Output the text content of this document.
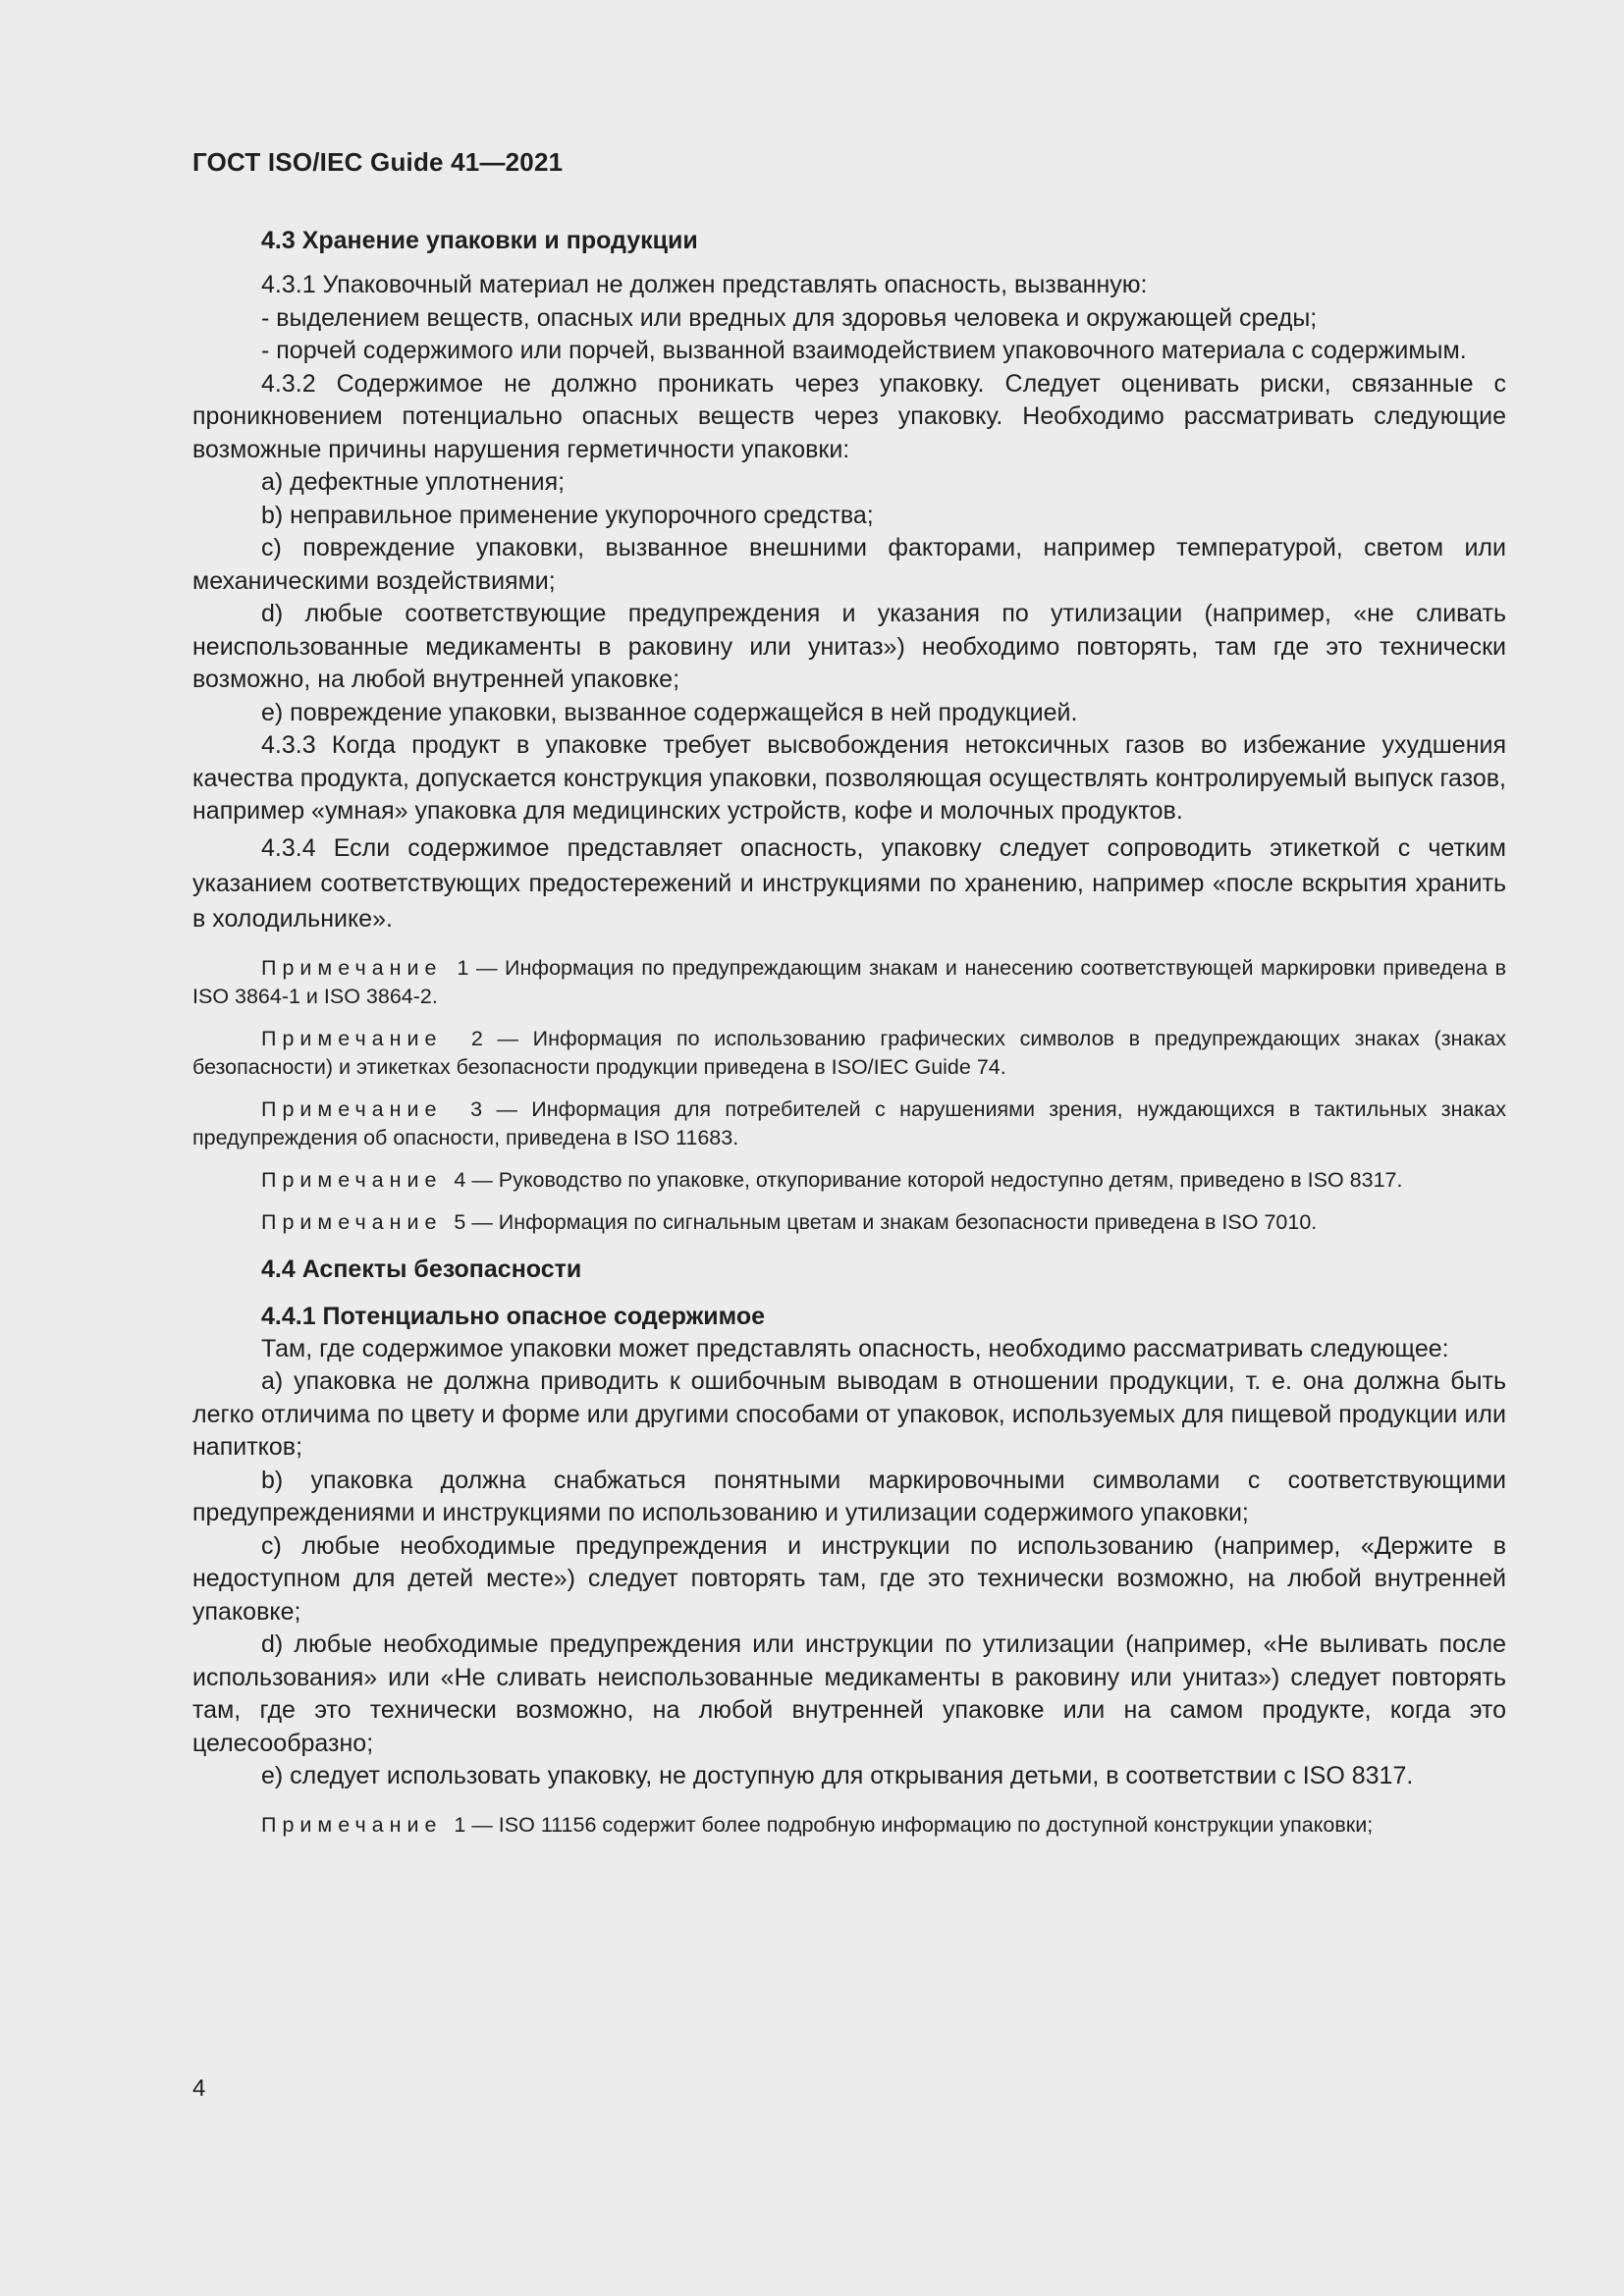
ГОСТ ISO/IEC Guide 41—2021
4.3 Хранение упаковки и продукции

4.3.1 Упаковочный материал не должен представлять опасность, вызванную:

- выделением веществ, опасных или вредных для здоровья человека и окружающей среды;

- порчей содержимого или порчей, вызванной взаимодействием упаковочного материала с содержимым.

4.3.2 Содержимое не должно проникать через упаковку. Следует оценивать риски, связанные с проникновением потенциально опасных веществ через упаковку. Необходимо рассматривать следующие возможные причины нарушения герметичности упаковки:

a) дефектные уплотнения;

b) неправильное применение укупорочного средства;

c) повреждение упаковки, вызванное внешними факторами, например температурой, светом или механическими воздействиями;

d) любые соответствующие предупреждения и указания по утилизации (например, «не сливать неиспользованные медикаменты в раковину или унитаз») необходимо повторять, там где это технически возможно, на любой внутренней упаковке;

e) повреждение упаковки, вызванное содержащейся в ней продукцией.

4.3.3 Когда продукт в упаковке требует высвобождения нетоксичных газов во избежание ухудшения качества продукта, допускается конструкция упаковки, позволяющая осуществлять контролируемый выпуск газов, например «умная» упаковка для медицинских устройств, кофе и молочных продуктов.

4.3.4 Если содержимое представляет опасность, упаковку следует сопроводить этикеткой с четким указанием соответствующих предостережений и инструкциями по хранению, например «после вскрытия хранить в холодильнике».

Примечание 1 — Информация по предупреждающим знакам и нанесению соответствующей маркировки приведена в ISO 3864-1 и ISO 3864-2.

Примечание 2 — Информация по использованию графических символов в предупреждающих знаках (знаках безопасности) и этикетках безопасности продукции приведена в ISO/IEC Guide 74.

Примечание 3 — Информация для потребителей с нарушениями зрения, нуждающихся в тактильных знаках предупреждения об опасности, приведена в ISO 11683.

Примечание 4 — Руководство по упаковке, откупоривание которой недоступно детям, приведено в ISO 8317.

Примечание 5 — Информация по сигнальным цветам и знакам безопасности приведена в ISO 7010.

4.4 Аспекты безопасности
4.4.1 Потенциально опасное содержимое

Там, где содержимое упаковки может представлять опасность, необходимо рассматривать следующее:

a) упаковка не должна приводить к ошибочным выводам в отношении продукции, т. е. она должна быть легко отличима по цвету и форме или другими способами от упаковок, используемых для пищевой продукции или напитков;

b) упаковка должна снабжаться понятными маркировочными символами с соответствующими предупреждениями и инструкциями по использованию и утилизации содержимого упаковки;

c) любые необходимые предупреждения и инструкции по использованию (например, «Держите в недоступном для детей месте») следует повторять там, где это технически возможно, на любой внутренней упаковке;

d) любые необходимые предупреждения или инструкции по утилизации (например, «Не выливать после использования» или «Не сливать неиспользованные медикаменты в раковину или унитаз») следует повторять там, где это технически возможно, на любой внутренней упаковке или на самом продукте, когда это целесообразно;

e) следует использовать упаковку, не доступную для открывания детьми, в соответствии с ISO 8317.

Примечание 1 — ISO 11156 содержит более подробную информацию по доступной конструкции упаковки;

4
